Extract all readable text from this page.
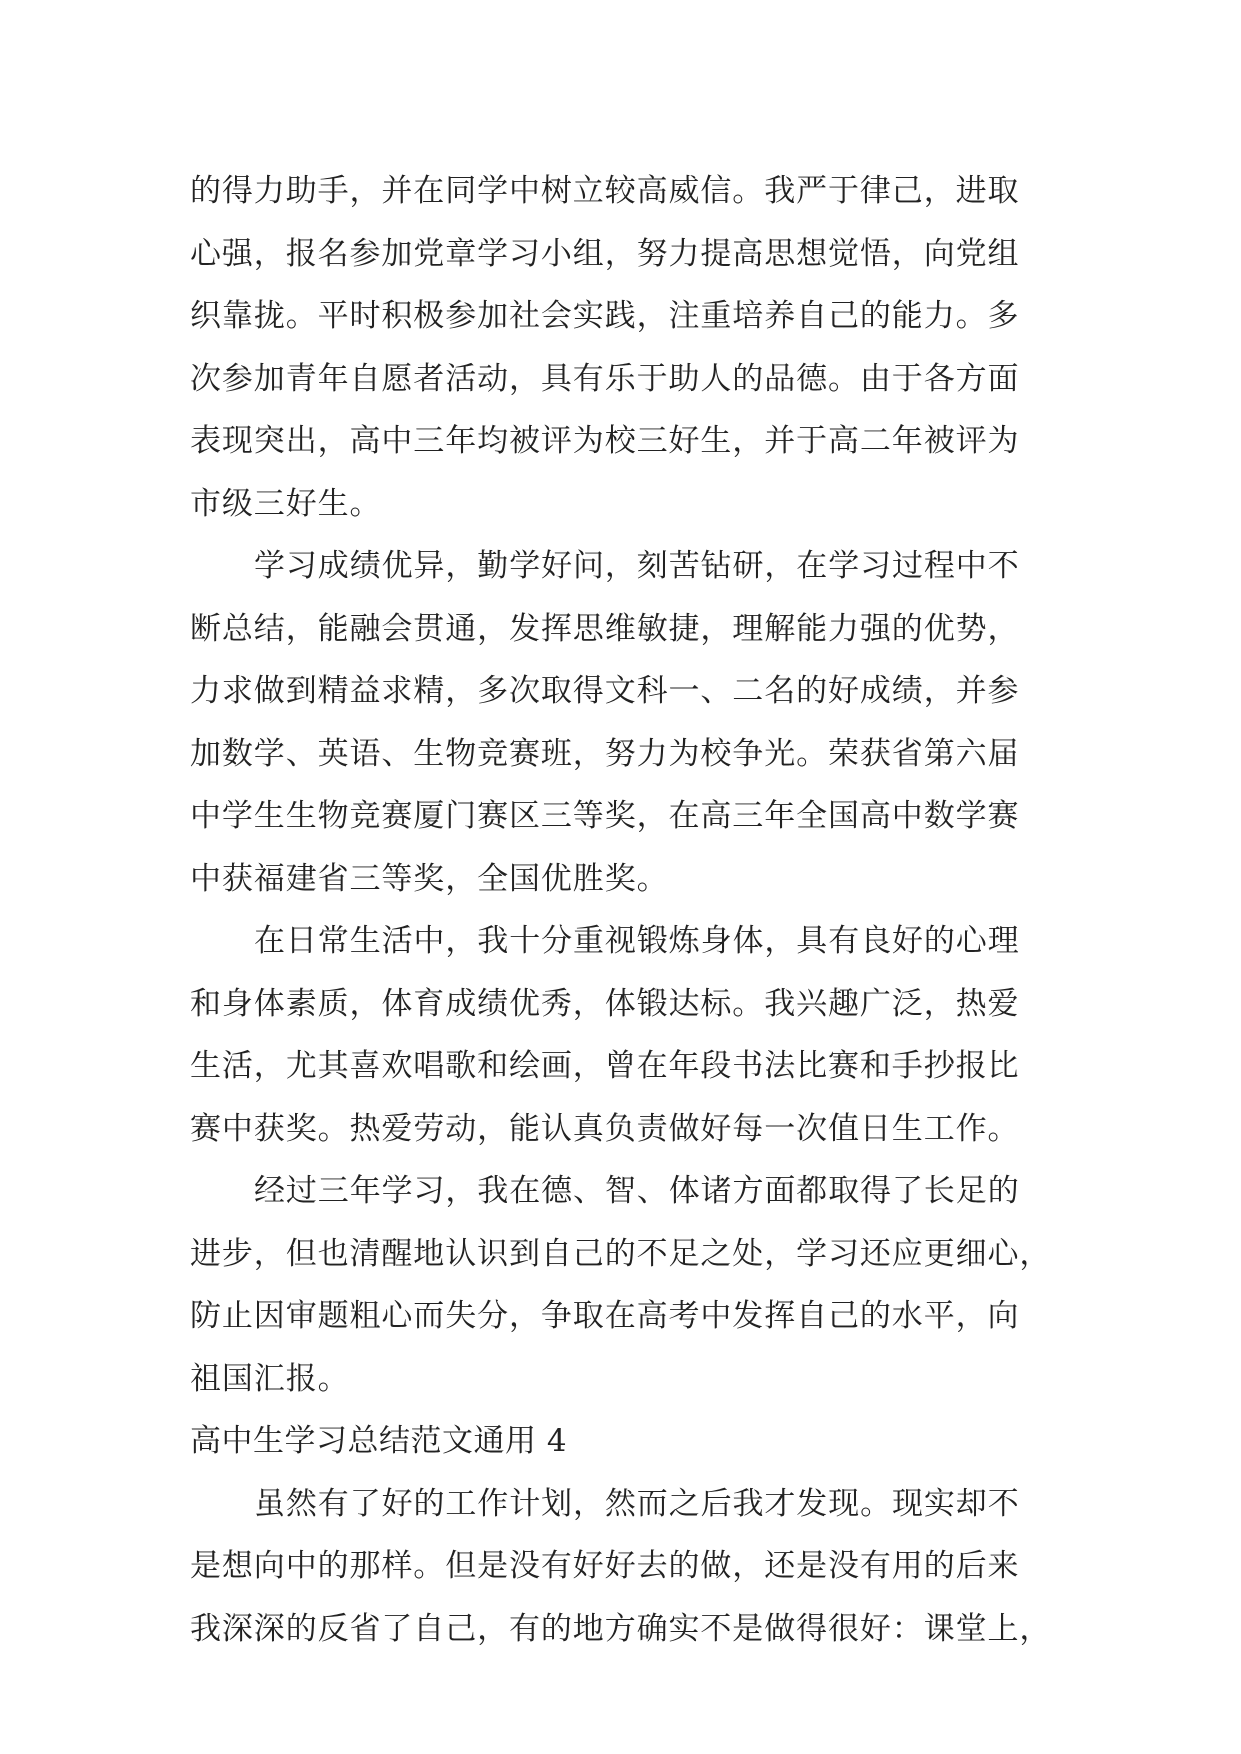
的得力助手，并在同学中树立较高威信。我严于律己，进取
心强，报名参加党章学习小组，努力提高思想觉悟，向党组
织靠拢。平时积极参加社会实践，注重培养自己的能力。多
次参加青年自愿者活动，具有乐于助人的品德。由于各方面
表现突出，高中三年均被评为校三好生，并于高二年被评为
市级三好生。
学习成绩优异，勤学好问，刻苦钻研，在学习过程中不
断总结，能融会贯通，发挥思维敏捷，理解能力强的优势，
力求做到精益求精，多次取得文科一、二名的好成绩，并参
加数学、英语、生物竞赛班，努力为校争光。荣获省第六届
中学生生物竞赛厦门赛区三等奖，在高三年全国高中数学赛
中获福建省三等奖，全国优胜奖。
在日常生活中，我十分重视锻炼身体，具有良好的心理
和身体素质，体育成绩优秀，体锻达标。我兴趣广泛，热爱
生活，尤其喜欢唱歌和绘画，曾在年段书法比赛和手抄报比
赛中获奖。热爱劳动，能认真负责做好每一次值日生工作。
经过三年学习，我在德、智、体诸方面都取得了长足的
进步，但也清醒地认识到自己的不足之处，学习还应更细心，
防止因审题粗心而失分，争取在高考中发挥自己的水平，向
祖国汇报。
高中生学习总结范文通用 4
虽然有了好的工作计划，然而之后我才发现。现实却不
是想向中的那样。但是没有好好去的做，还是没有用的后来
我深深的反省了自己，有的地方确实不是做得很好：课堂上，
